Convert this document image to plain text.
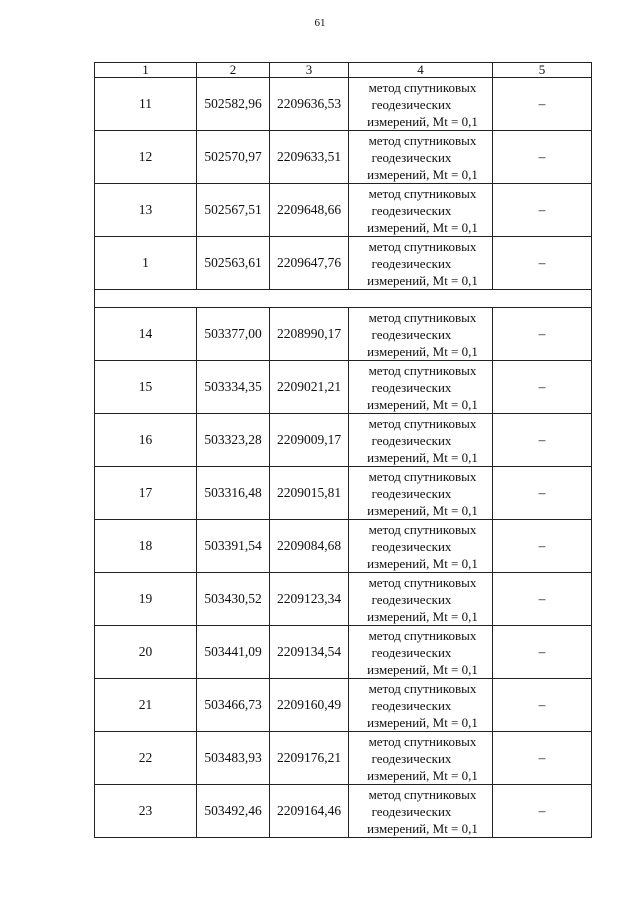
61
1	2	3	4	5
11	502582,96	2209636,53	метод спутниковых
геодезических
измерений, Mt = 0,1	–
12	502570,97	2209633,51	метод спутниковых
геодезических
измерений, Mt = 0,1	–
13	502567,51	2209648,66	метод спутниковых
геодезических
измерений, Mt = 0,1	–
1	502563,61	2209647,76	метод спутниковых
геодезических
измерений, Mt = 0,1	–

14	503377,00	2208990,17	метод спутниковых
геодезических
измерений, Mt = 0,1	–
15	503334,35	2209021,21	метод спутниковых
геодезических
измерений, Mt = 0,1	–
16	503323,28	2209009,17	метод спутниковых
геодезических
измерений, Mt = 0,1	–
17	503316,48	2209015,81	метод спутниковых
геодезических
измерений, Mt = 0,1	–
18	503391,54	2209084,68	метод спутниковых
геодезических
измерений, Mt = 0,1	–
19	503430,52	2209123,34	метод спутниковых
геодезических
измерений, Mt = 0,1	–
20	503441,09	2209134,54	метод спутниковых
геодезических
измерений, Mt = 0,1	–
21	503466,73	2209160,49	метод спутниковых
геодезических
измерений, Mt = 0,1	–
22	503483,93	2209176,21	метод спутниковых
геодезических
измерений, Mt = 0,1	–
23	503492,46	2209164,46	метод спутниковых
геодезических
измерений, Mt = 0,1	–
